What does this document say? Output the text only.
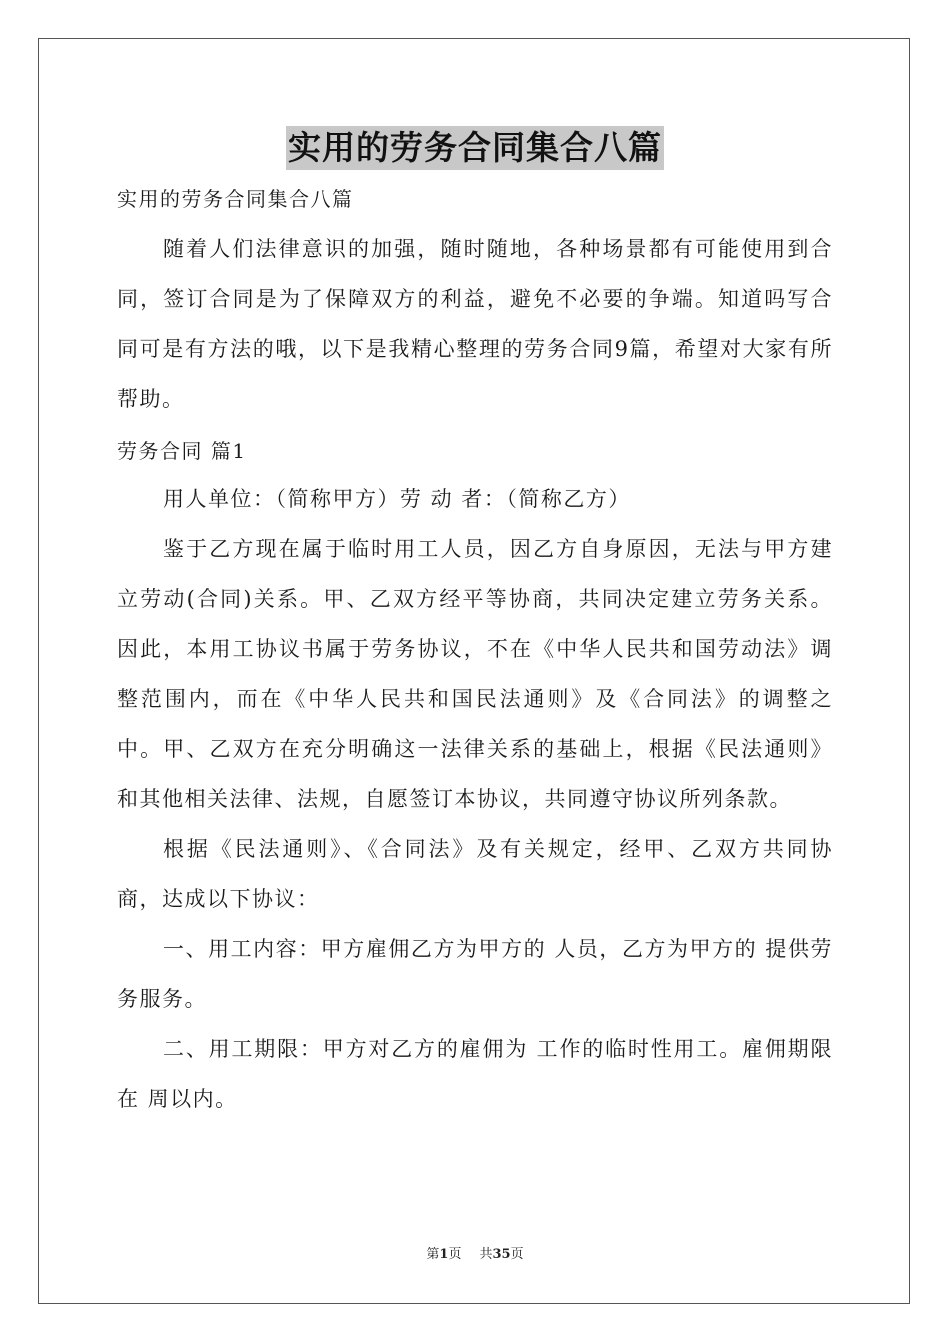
实用的劳务合同集合八篇

实用的劳务合同集合八篇

随着人们法律意识的加强，随时随地，各种场景都有可能使用到合同，签订合同是为了保障双方的利益，避免不必要的争端。知道吗写合同可是有方法的哦，以下是我精心整理的劳务合同9篇，希望对大家有所帮助。

劳务合同 篇1

用人单位：（简称甲方）劳 动 者：（简称乙方）

鉴于乙方现在属于临时用工人员，因乙方自身原因，无法与甲方建立劳动(合同)关系。甲、乙双方经平等协商，共同决定建立劳务关系。因此，本用工协议书属于劳务协议，不在《中华人民共和国劳动法》调整范围内，而在《中华人民共和国民法通则》及《合同法》的调整之中。甲、乙双方在充分明确这一法律关系的基础上，根据《民法通则》和其他相关法律、法规，自愿签订本协议，共同遵守协议所列条款。

根据《民法通则》、《合同法》及有关规定，经甲、乙双方共同协商，达成以下协议：

一、用工内容：甲方雇佣乙方为甲方的 人员，乙方为甲方的 提供劳务服务。

二、用工期限：甲方对乙方的雇佣为 工作的临时性用工。雇佣期限在 周以内。

第1页 共35页
